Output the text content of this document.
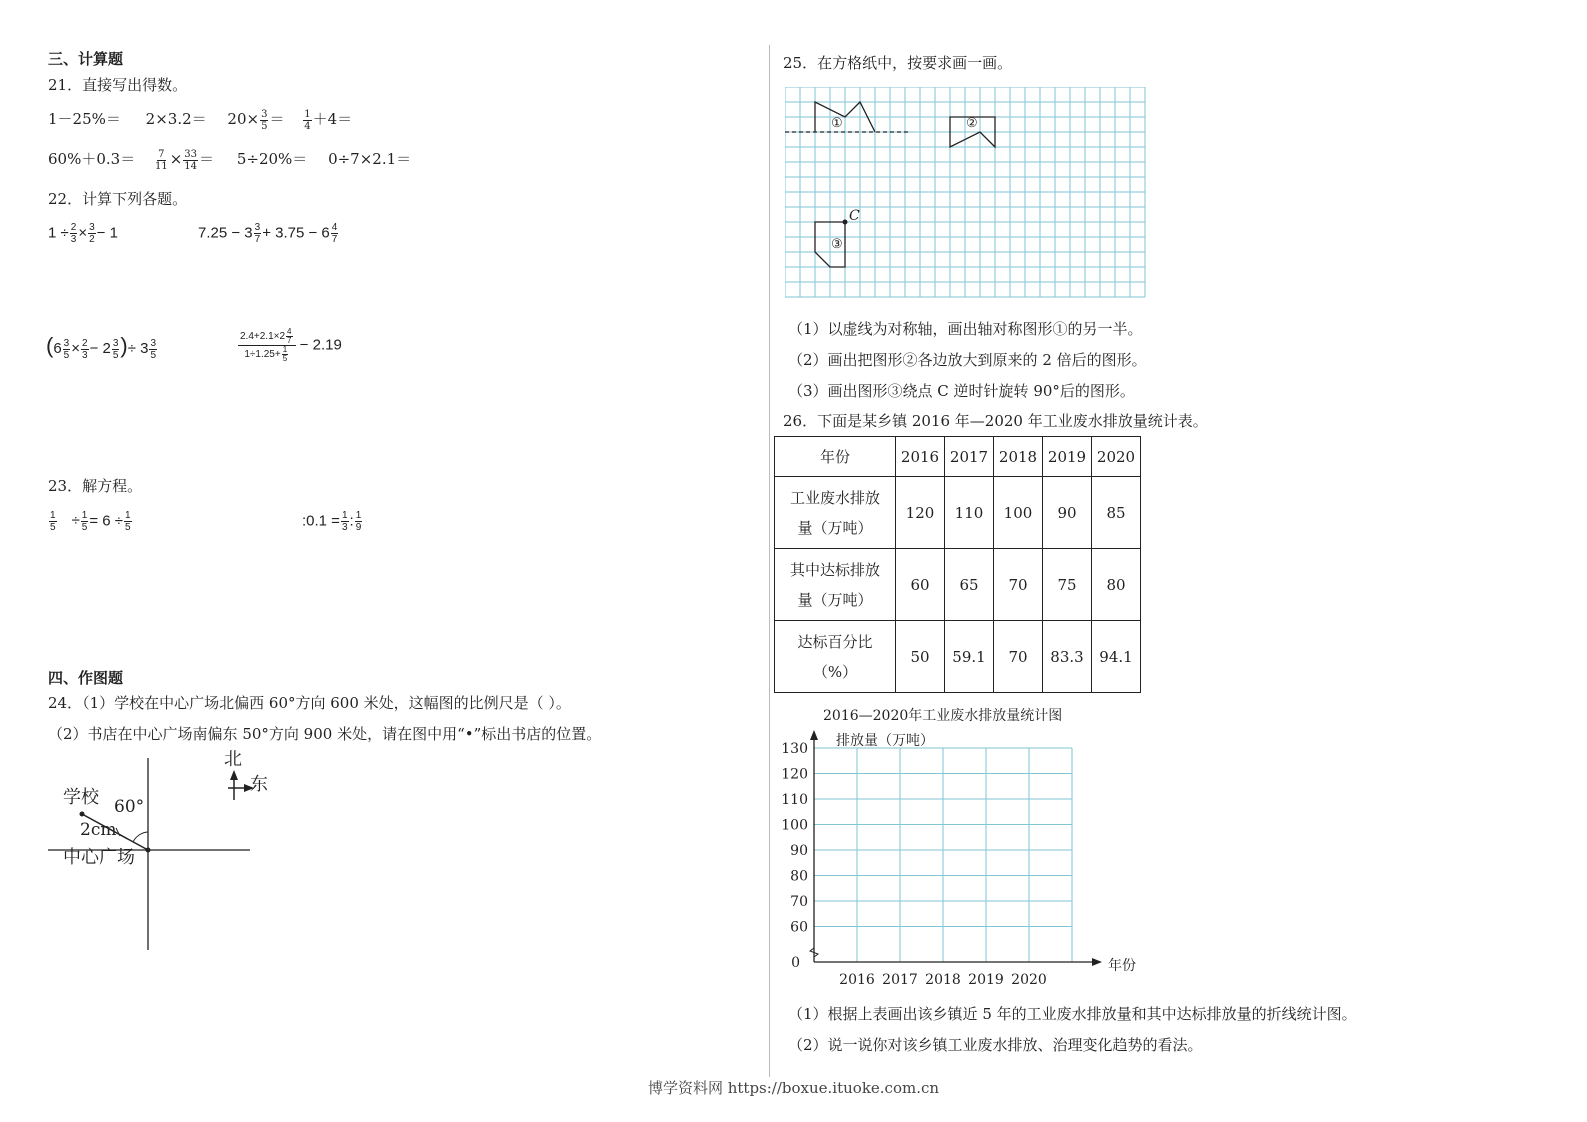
三、计算题
21．直接写出得数。
$1-25\%= 2\times 3.2= 20\times \frac{3}{5} = \frac{1}{4} +4=$
$60\%+0.3= \frac{7}{11} \times \frac{33}{14} = 5\div 20\%= 0\div 7\times 2.1=$
22．计算下列各题。
$1 \div \frac{2}{3} \times \frac{3}{2} - 1$	$7.25 - 3 \frac{3}{7} + 3.75 - 6 \frac{4}{7}$
($6 \frac{3}{5} \times \frac{2}{3} - 2 \frac{3}{5}$ )÷ $3 \frac{3}{5}$	$\frac{2.4+2.1\times 2 \frac{4}{7}}{1\div 1.25+ \frac{1}{5}} - 2.19$
23．解方程。
$\frac{1}{5} \div \frac{1}{5} = 6 \div \frac{1}{5}$	:0.1 = $\frac{1}{3}$ : $\frac{1}{9}$
四、作图题
24．（1）学校在中心广场北偏西 60°方向 600 米处，这幅图的比例尺是（ ）。
（2）书店在中心广场南偏东 50°方向 900 米处，请在图中用“•”标出书店的位置。
北
东
学校 60°
2cm
中心广场
25．在方格纸中，按要求画一画。
①	②
③
C
（1）以虚线为对称轴，画出轴对称图形①的另一半。
（2）画出把图形②各边放大到原来的 2 倍后的图形。
（3）画出图形③绕点 C 逆时针旋转 90°后的图形。
26．下面是某乡镇 2016 年—2020 年工业废水排放量统计表。
年份	2016	2017	2018	2019	2020

工业废水排放
量（万吨）	120	110	100	90	85

其中达标排放
量（万吨）	60	65	70	75	80

达标百分比
（%）	50	59.1	70	83.3	94.1
2016—2020年工业废水排放量统计图
排放量（万吨）
年份
60
70
80
90
100
110
120
130
0
2016 2017 2018 2019 2020
（1）根据上表画出该乡镇近 5 年的工业废水排放量和其中达标排放量的折线统计图。
（2）说一说你对该乡镇工业废水排放、治理变化趋势的看法。
博学资料网 https://boxue.ituoke.com.cn
